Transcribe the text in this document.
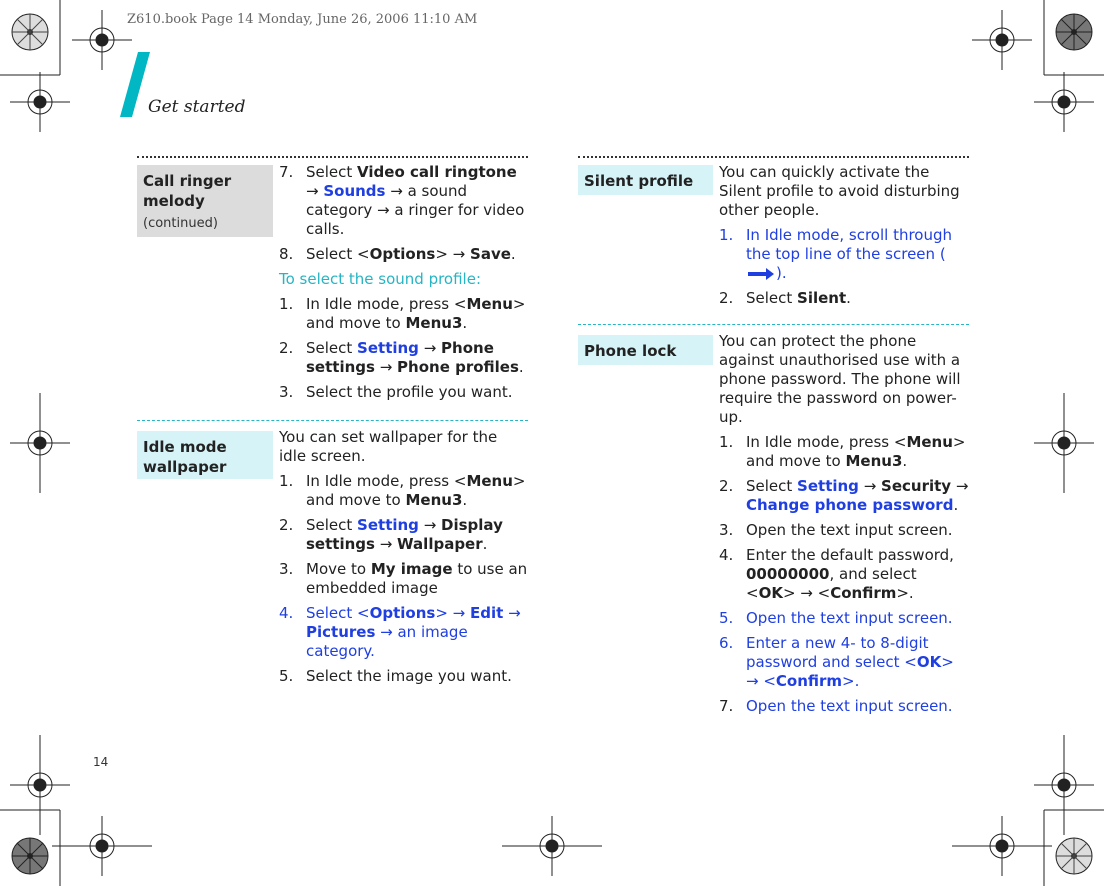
Z610.book Page 14 Monday, June 26, 2006 11:10 AM
Get started
14
Call ringer melody
(continued)
7. Select Video call ringtone → Sounds → a sound category → a ringer for video calls.
8. Select <Options> → Save.

To select the sound profile:

1. In Idle mode, press <Menu> and move to Menu3.
2. Select Setting → Phone settings → Phone profiles.
3. Select the profile you want.
Idle mode wallpaper

You can set wallpaper for the idle screen.

1. In Idle mode, press <Menu> and move to Menu3.
2. Select Setting → Display settings → Wallpaper.
3. Move to My image to use an embedded image
4. Select <Options> → Edit → Pictures → an image category.
5. Select the image you want.
Silent profile	You can quickly activate the Silent profile to avoid disturbing other people.

1. In Idle mode, scroll through the top line of the screen ().
2. Select Silent.
Phone lock

You can protect the phone against unauthorised use with a phone password. The phone will require the password on power-up.

1. In Idle mode, press <Menu> and move to Menu3.
2. Select Setting → Security → Change phone password.
3. Open the text input screen.
4. Enter the default password, 00000000, and select <OK> → <Confirm>.
5. Open the text input screen.
6. Enter a new 4- to 8-digit password and select <OK> → <Confirm>.
7. Open the text input screen.
